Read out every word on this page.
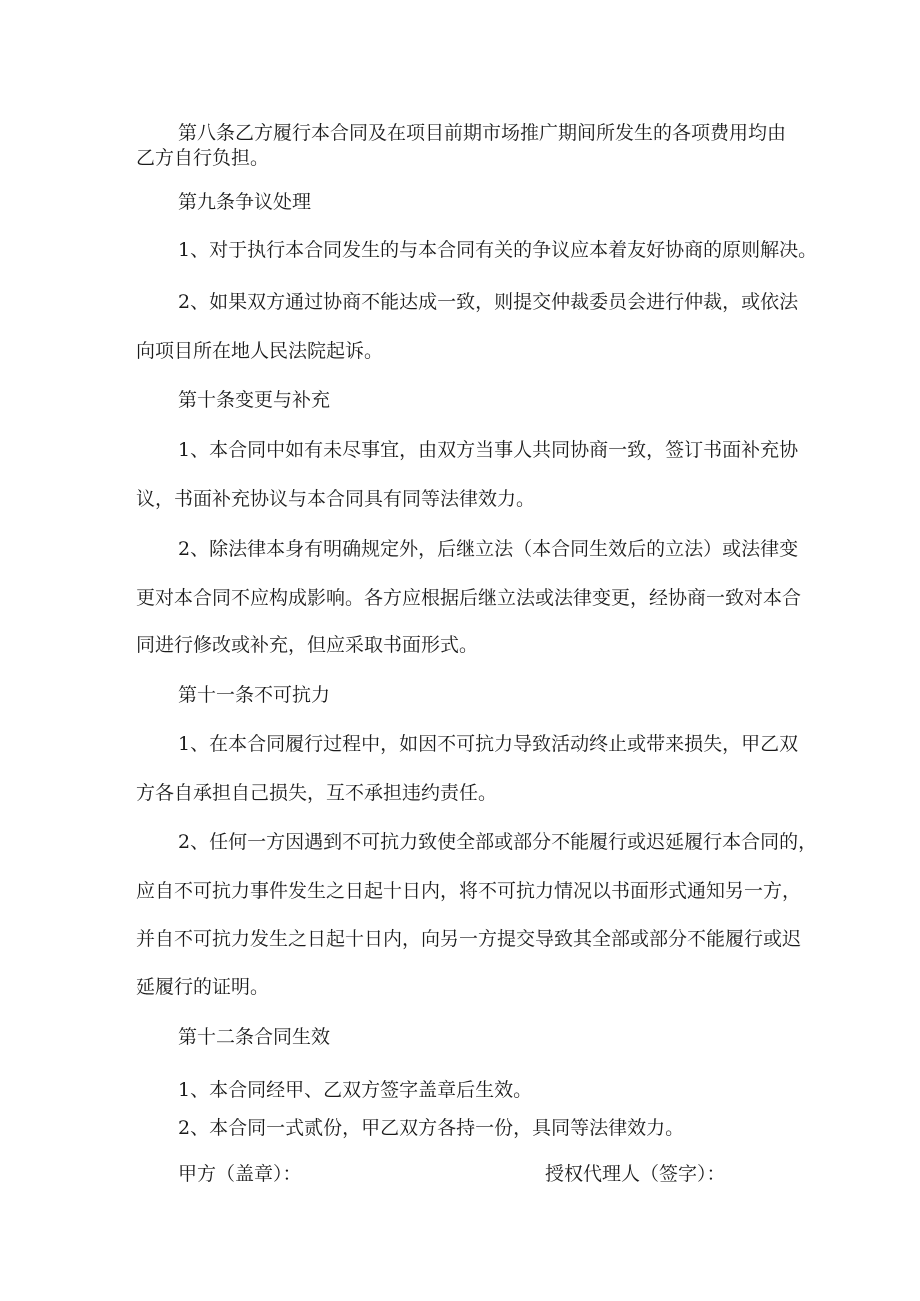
第八条乙方履行本合同及在项目前期市场推广期间所发生的各项费用均由
乙方自行负担。
第九条争议处理
1、对于执行本合同发生的与本合同有关的争议应本着友好协商的原则解决。
2、如果双方通过协商不能达成一致，则提交仲裁委员会进行仲裁，或依法
向项目所在地人民法院起诉。
第十条变更与补充
1、本合同中如有未尽事宜，由双方当事人共同协商一致，签订书面补充协
议，书面补充协议与本合同具有同等法律效力。
2、除法律本身有明确规定外，后继立法（本合同生效后的立法）或法律变
更对本合同不应构成影响。各方应根据后继立法或法律变更，经协商一致对本合
同进行修改或补充，但应采取书面形式。
第十一条不可抗力
1、在本合同履行过程中，如因不可抗力导致活动终止或带来损失，甲乙双
方各自承担自己损失，互不承担违约责任。
2、任何一方因遇到不可抗力致使全部或部分不能履行或迟延履行本合同的，
应自不可抗力事件发生之日起十日内，将不可抗力情况以书面形式通知另一方，
并自不可抗力发生之日起十日内，向另一方提交导致其全部或部分不能履行或迟
延履行的证明。
第十二条合同生效
1、本合同经甲、乙双方签字盖章后生效。
2、本合同一式贰份，甲乙双方各持一份，具同等法律效力。
甲方（盖章）：	授权代理人（签字）：
